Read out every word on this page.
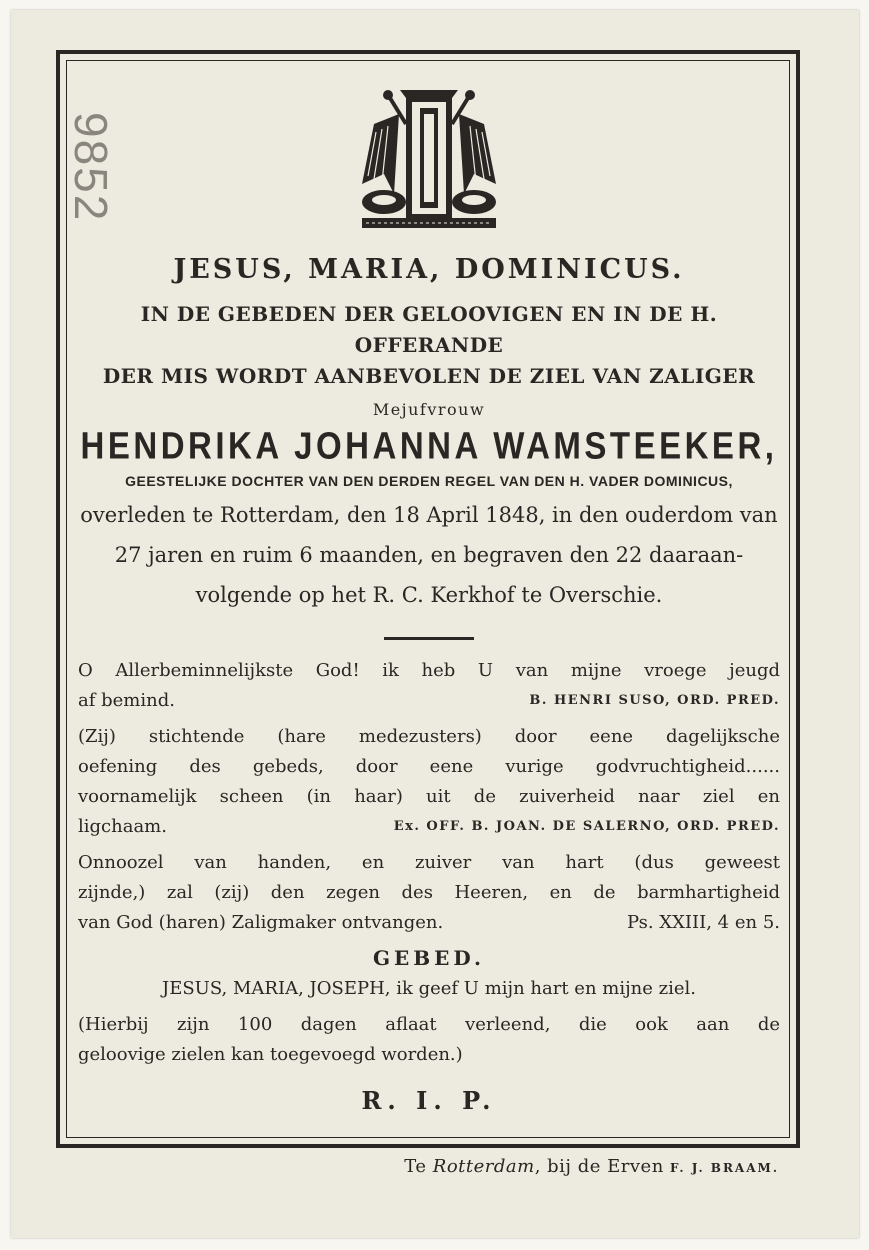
9852
JESUS, MARIA, DOMINICUS.
IN DE GEBEDEN DER GELOOVIGEN EN IN DE H. OFFERANDE
DER MIS WORDT AANBEVOLEN DE ZIEL VAN ZALIGER
Mejufvrouw
HENDRIKA JOHANNA WAMSTEEKER,
GEESTELIJKE DOCHTER VAN DEN DERDEN REGEL VAN DEN H. VADER DOMINICUS,
overleden te Rotterdam, den 18 April 1848, in den ouderdom van
27 jaren en ruim 6 maanden, en begraven den 22 daaraan-
volgende op het R. C. Kerkhof te Overschie.
O Allerbeminnelijkste God! ik heb U van mijne vroege jeugd
af bemind.	B. HENRI SUSO, ORD. PRED.
(Zij) stichtende (hare medezusters) door eene dagelijksche
oefening des gebeds, door eene vurige godvruchtigheid......
voornamelijk scheen (in haar) uit de zuiverheid naar ziel en
ligchaam.	Ex. OFF. B. JOAN. DE SALERNO, ORD. PRED.
Onnoozel van handen, en zuiver van hart (dus geweest
zijnde,) zal (zij) den zegen des Heeren, en de barmhartigheid
van God (haren) Zaligmaker ontvangen.	Ps. XXIII, 4 en 5.
GEBED.
JESUS, MARIA, JOSEPH, ik geef U mijn hart en mijne ziel.
(Hierbij zijn 100 dagen aflaat verleend, die ook aan de
geloovige zielen kan toegevoegd worden.)
R. I. P.
Te Rotterdam, bij de Erven F. J. BRAAM.
